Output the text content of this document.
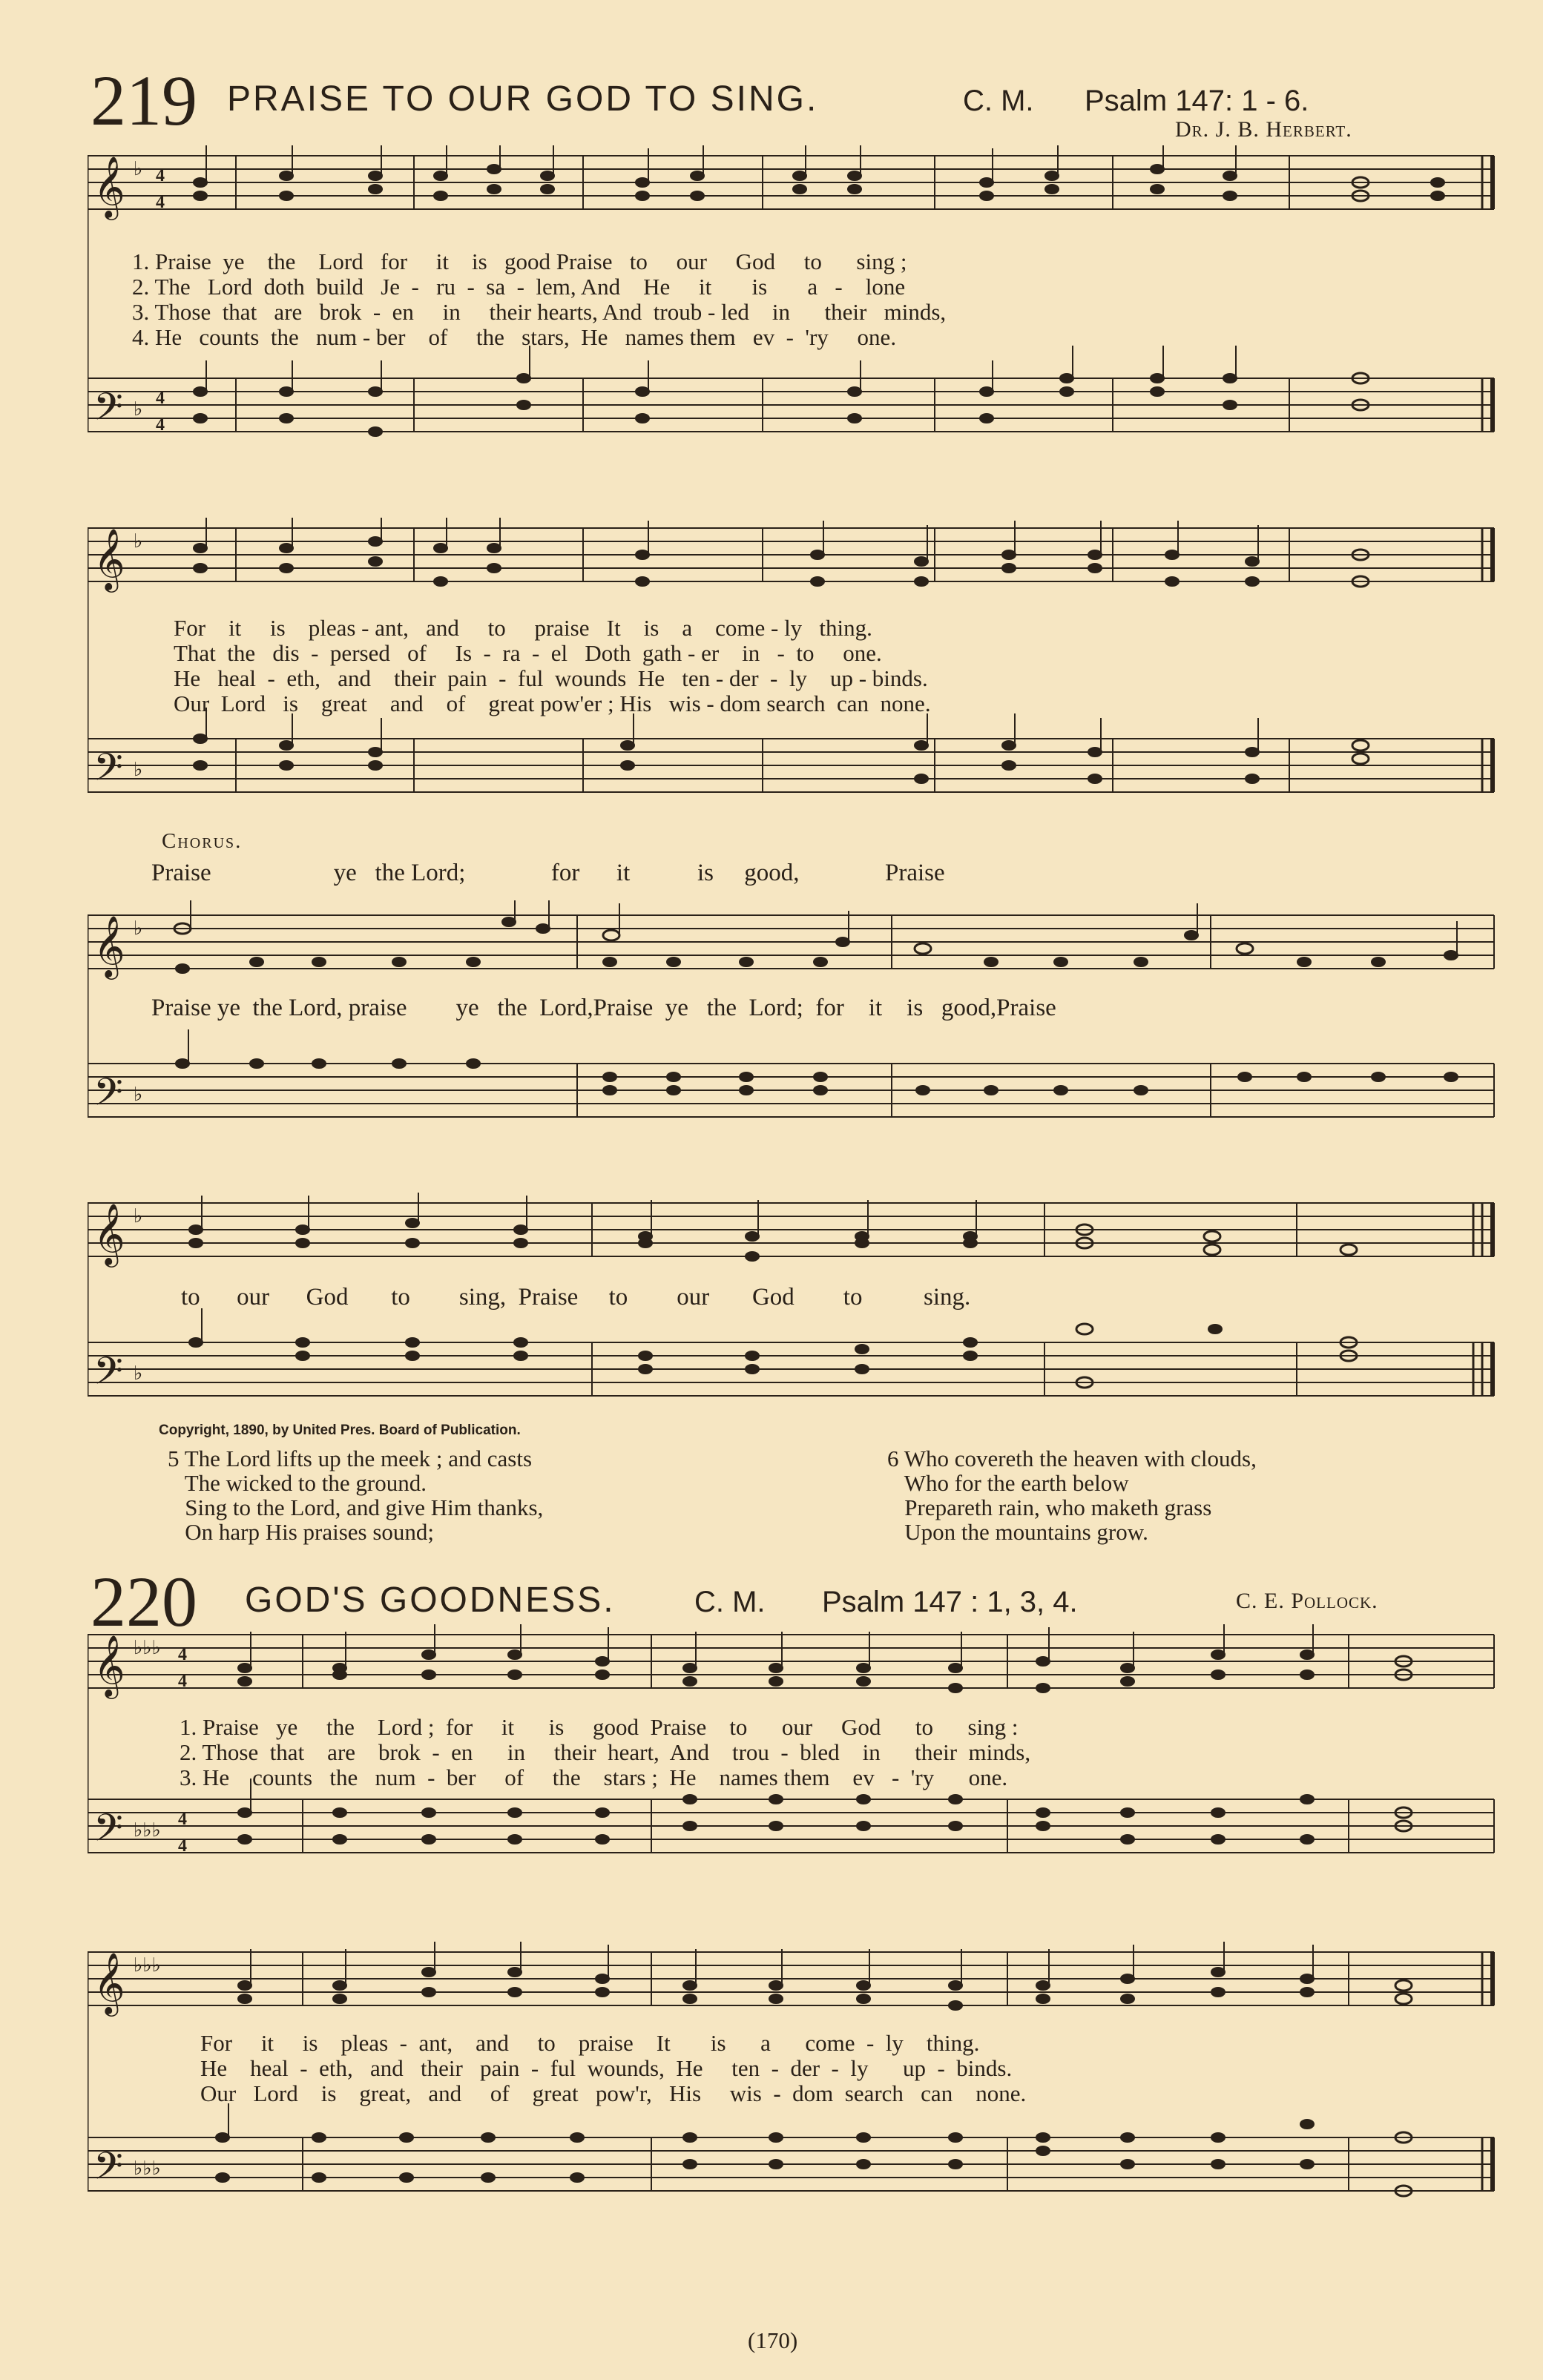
219 PRAISE TO OUR GOD TO SING.	C. M. Psalm 147: 1 - 6.
Dr. J. B. Herbert.
𝄞 ♭ 4
4
𝄢 ♭ 4
4
1. Praise  ye    the    Lord   for     it    is   good Praise   to     our     God     to      sing ;
2. The   Lord  doth  build   Je  -   ru  -  sa  -  lem, And    He     it       is       a   -    lone
3. Those  that   are   brok  -  en     in     their hearts, And  troub - led    in      their   minds,
4. He   counts  the   num - ber    of     the   stars,  He   names them   ev  -  'ry     one.
𝄞 ♭
𝄢 ♭
For    it     is    pleas - ant,   and     to     praise   It    is    a    come - ly   thing.
That  the   dis  -  persed   of     Is  -  ra  -  el   Doth  gath - er    in   -  to     one.
He   heal  -  eth,   and    their  pain  -  ful  wounds  He   ten - der  -  ly    up - binds.
Our  Lord   is    great    and    of    great pow'er ; His   wis - dom search  can  none.
Chorus.
Praise                    ye   the Lord;              for      it           is     good,              Praise
𝄞 ♭
𝄢 ♭
Praise ye  the Lord, praise        ye   the  Lord,Praise  ye   the  Lord;  for    it    is   good,Praise
𝄞 ♭
𝄢 ♭
to      our      God       to        sing,  Praise     to        our       God        to          sing.
Copyright, 1890, by United Pres. Board of Publication.
5 The Lord lifts up the meek ; and casts
The wicked to the ground.
Sing to the Lord, and give Him thanks,
On harp His praises sound;
6 Who covereth the heaven with clouds,
Who for the earth below
Prepareth rain, who maketh grass
Upon the mountains grow.
220 GOD'S GOODNESS.	C. M. Psalm 147 : 1, 3, 4.	C. E. Pollock.
𝄞 ♭♭♭ 4
4
𝄢 ♭♭♭ 4
4
1. Praise   ye     the    Lord ;  for     it      is     good  Praise    to      our     God      to      sing :
2. Those  that    are    brok  -  en      in     their  heart,  And    trou  -  bled    in      their  minds,
3. He    counts   the   num  -  ber     of     the    stars ;  He    names them    ev   -  'ry      one.
𝄞 ♭♭♭
𝄢 ♭♭♭
For     it     is    pleas  -  ant,    and     to    praise    It       is      a      come  -  ly    thing.
He    heal  -  eth,   and   their   pain  -  ful  wounds,  He     ten  -  der  -  ly      up  -  binds.
Our   Lord    is    great,   and     of    great   pow'r,   His     wis  -  dom  search   can    none.
(170)
